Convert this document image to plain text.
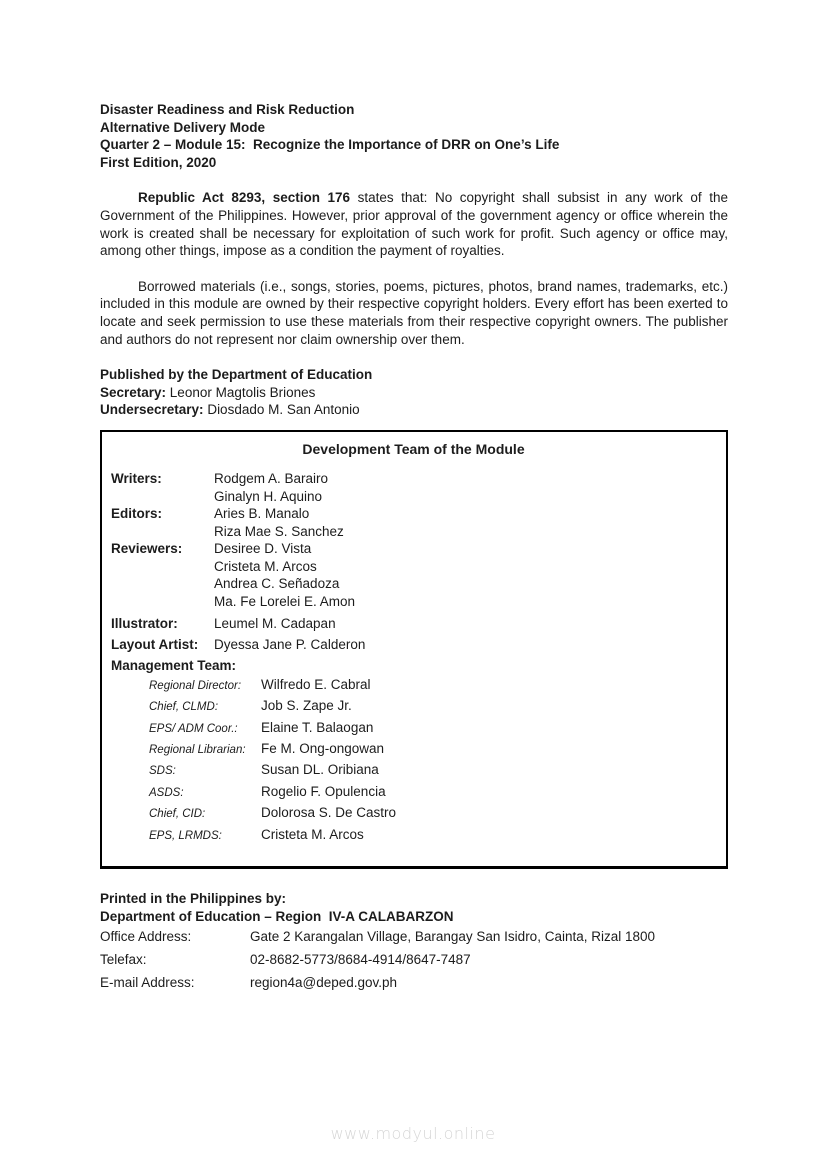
Disaster Readiness and Risk Reduction
Alternative Delivery Mode
Quarter 2 – Module 15:  Recognize the Importance of DRR on One’s Life
First Edition, 2020

Republic Act 8293, section 176 states that: No copyright shall subsist in any work of the Government of the Philippines. However, prior approval of the government agency or office wherein the work is created shall be necessary for exploitation of such work for profit. Such agency or office may, among other things, impose as a condition the payment of royalties.

Borrowed materials (i.e., songs, stories, poems, pictures, photos, brand names, trademarks, etc.) included in this module are owned by their respective copyright holders. Every effort has been exerted to locate and seek permission to use these materials from their respective copyright owners. The publisher and authors do not represent nor claim ownership over them.

Published by the Department of Education
Secretary: Leonor Magtolis Briones
Undersecretary: Diosdado M. San Antonio
Development Team of the Module
Writers:	Rodgem A. Barairo
Ginalyn H. Aquino
Editors:	Aries B. Manalo
Riza Mae S. Sanchez
Reviewers:	Desiree D. Vista
Cristeta M. Arcos
Andrea C. Señadoza
Ma. Fe Lorelei E. Amon
Illustrator:	Leumel M. Cadapan
Layout Artist:	Dyessa Jane P. Calderon
Management Team:
Regional Director:	Wilfredo E. Cabral
Chief, CLMD:	Job S. Zape Jr.
EPS/ ADM Coor.:	Elaine T. Balaogan
Regional Librarian:	Fe M. Ong-ongowan
SDS:	Susan DL. Oribiana
ASDS:	Rogelio F. Opulencia
Chief, CID:	Dolorosa S. De Castro
EPS, LRMDS:	Cristeta M. Arcos
Printed in the Philippines by:
Department of Education – Region  IV-A CALABARZON
Office Address:	Gate 2 Karangalan Village, Barangay San Isidro, Cainta, Rizal 1800
Telefax:	02-8682-5773/8684-4914/8647-7487
E-mail Address:	region4a@deped.gov.ph
www.modyul.online
